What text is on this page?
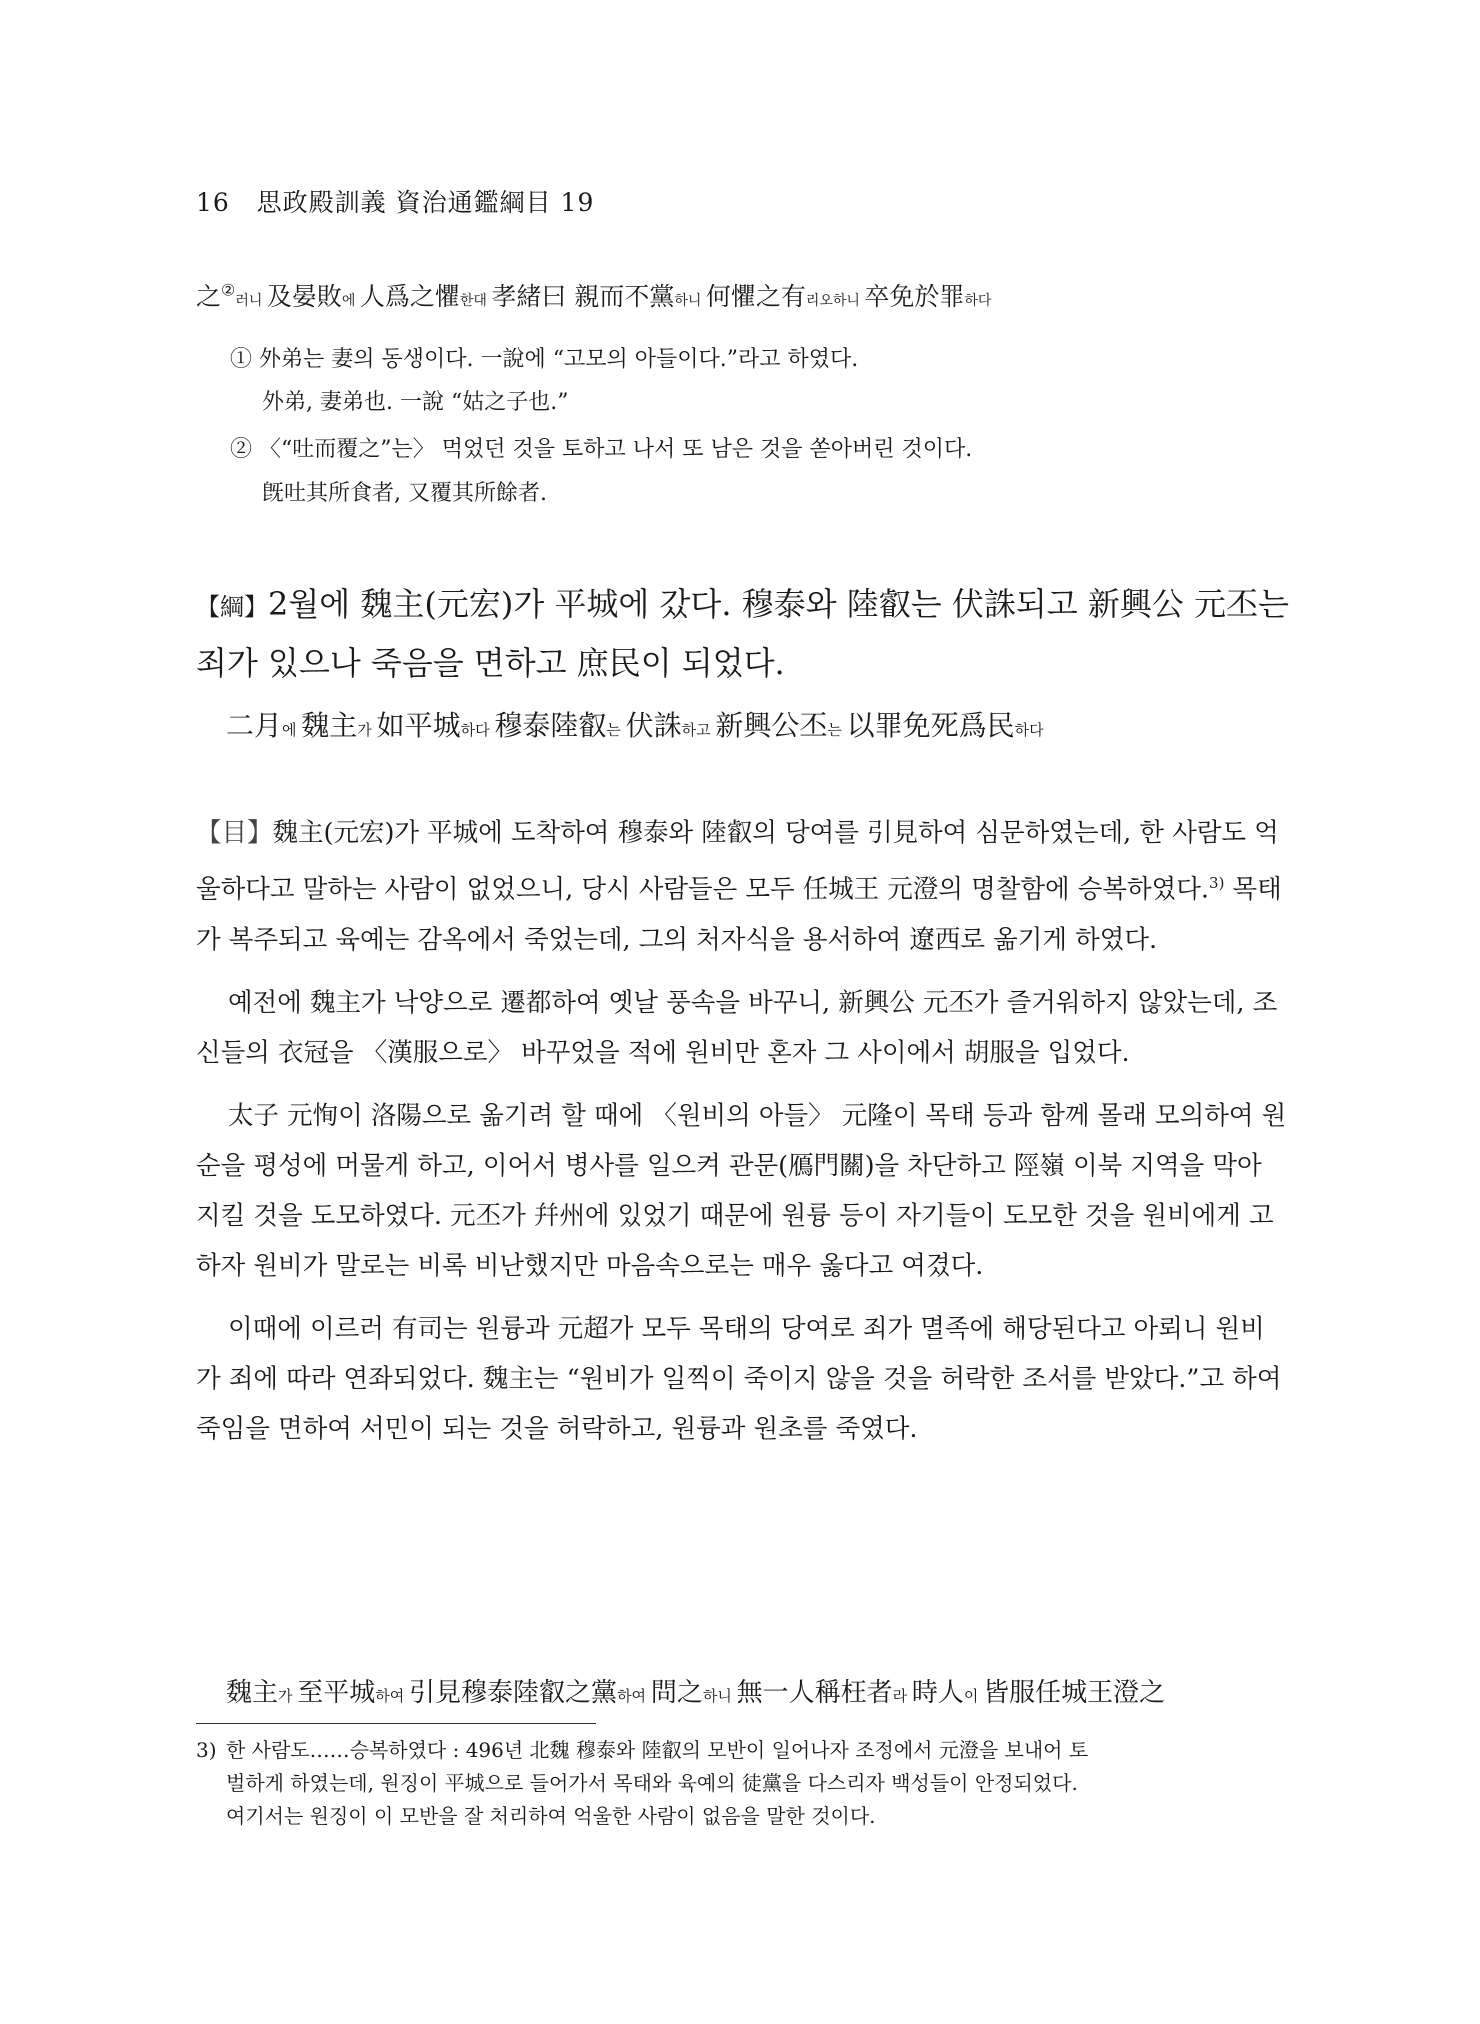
16 思政殿訓義 資治通鑑綱目 19
之②러니 及晏敗에 人爲之懼한대 孝緒曰 親而不黨하니 何懼之有리오하니 卒免於罪하다
① 外弟는 妻의 동생이다. 一說에 “고모의 아들이다.”라고 하였다.
外弟, 妻弟也. 一說 “姑之子也.”
② 〈“吐而覆之”는〉 먹었던 것을 토하고 나서 또 남은 것을 쏟아버린 것이다.
旣吐其所食者, 又覆其所餘者.
【綱】2월에 魏主(元宏)가 平城에 갔다. 穆泰와 陸叡는 伏誅되고 新興公 元丕는
죄가 있으나 죽음을 면하고 庶民이 되었다.
二月에 魏主가 如平城하다 穆泰陸叡는 伏誅하고 新興公丕는 以罪免死爲民하다

【目】魏主(元宏)가 平城에 도착하여 穆泰와 陸叡의 당여를 引見하여 심문하였는데, 한 사람도 억울하다고 말하는 사람이 없었으니, 당시 사람들은 모두 任城王 元澄의 명찰함에 승복하였다.$^{3)}$ 목태가 복주되고 육예는 감옥에서 죽었는데, 그의 처자식을 용서하여 遼西로 옮기게 하였다.

예전에 魏主가 낙양으로 遷都하여 옛날 풍속을 바꾸니, 新興公 元丕가 즐거워하지 않았는데, 조신들의 衣冠을 〈漢服으로〉 바꾸었을 적에 원비만 혼자 그 사이에서 胡服을 입었다.

太子 元恂이 洛陽으로 옮기려 할 때에 〈원비의 아들〉 元隆이 목태 등과 함께 몰래 모의하여 원순을 평성에 머물게 하고, 이어서 병사를 일으켜 관문(鴈門關)을 차단하고 陘嶺 이북 지역을 막아 지킬 것을 도모하였다. 元丕가 幷州에 있었기 때문에 원륭 등이 자기들이 도모한 것을 원비에게 고하자 원비가 말로는 비록 비난했지만 마음속으로는 매우 옳다고 여겼다.

이때에 이르러 有司는 원륭과 元超가 모두 목태의 당여로 죄가 멸족에 해당된다고 아뢰니 원비가 죄에 따라 연좌되었다. 魏主는 “원비가 일찍이 죽이지 않을 것을 허락한 조서를 받았다.”고 하여 죽임을 면하여 서민이 되는 것을 허락하고, 원륭과 원초를 죽였다.

魏主가 至平城하여 引見穆泰陸叡之黨하여 問之하니 無一人稱枉者라 時人이 皆服任城王澄之
3) 한 사람도……승복하였다 : 496년 北魏 穆泰와 陸叡의 모반이 일어나자 조정에서 元澄을 보내어 토
벌하게 하였는데, 원징이 平城으로 들어가서 목태와 육예의 徒黨을 다스리자 백성들이 안정되었다.
여기서는 원징이 이 모반을 잘 처리하여 억울한 사람이 없음을 말한 것이다.
